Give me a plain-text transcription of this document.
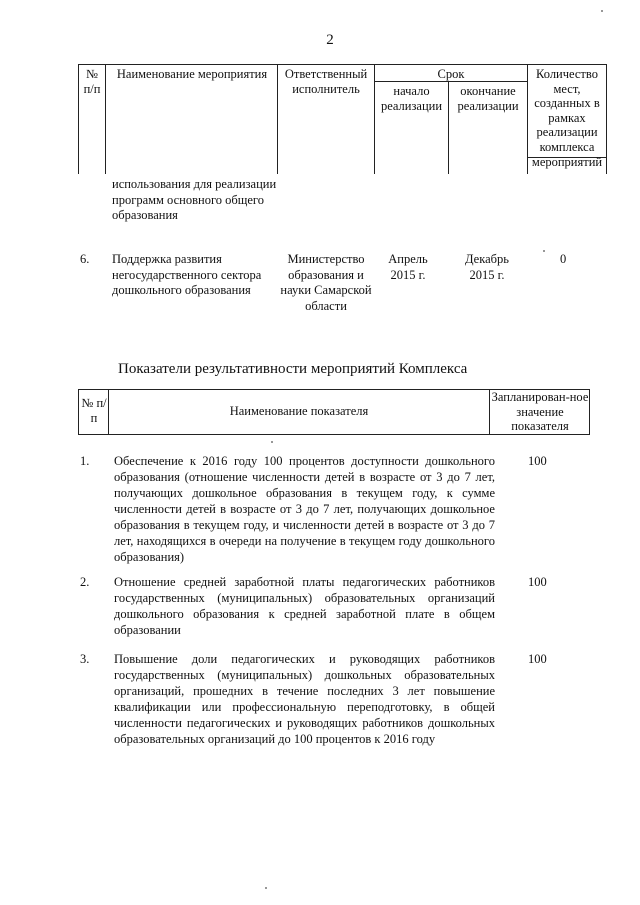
2
№ п/п
Наименование мероприятия	Ответственный исполнитель
Срок
начало реализации
окончание реализации
Количество мест, созданных в рамках реализации комплекса мероприятий
использования для реализации программ основного общего образования
6. Поддержка развития негосударственного сектора дошкольного образования
Министерство образования и науки Самарской области
Апрель 2015 г.
Декабрь 2015 г.
0
Показатели результативности мероприятий Комплекса
№ п/п	Наименование показателя
Запланирован-ное значение показателя
1. Обеспечение к 2016 году 100 процентов доступности дошкольного образования (отношение численности детей в возрасте от 3 до 7 лет, получающих дошкольное образования в текущем году, к сумме численности детей в возрасте от 3 до 7 лет, получающих дошкольное образования в текущем году, и численности детей в возрасте от 3 до 7 лет, находящихся в очереди на получение в текущем году дошкольного образования)
100
2. Отношение средней заработной платы педагогических работников государственных (муниципальных) образовательных организаций дошкольного образования к средней заработной плате в общем образовании
100
3. Повышение доли педагогических и руководящих работников государственных (муниципальных) дошкольных образовательных организаций, прошедних в течение последних 3 лет повышение квалификации или профессиональную переподготовку, в общей численности педагогических и руководящих работников дошкольных образовательных организаций до 100 процентов к 2016 году
100
